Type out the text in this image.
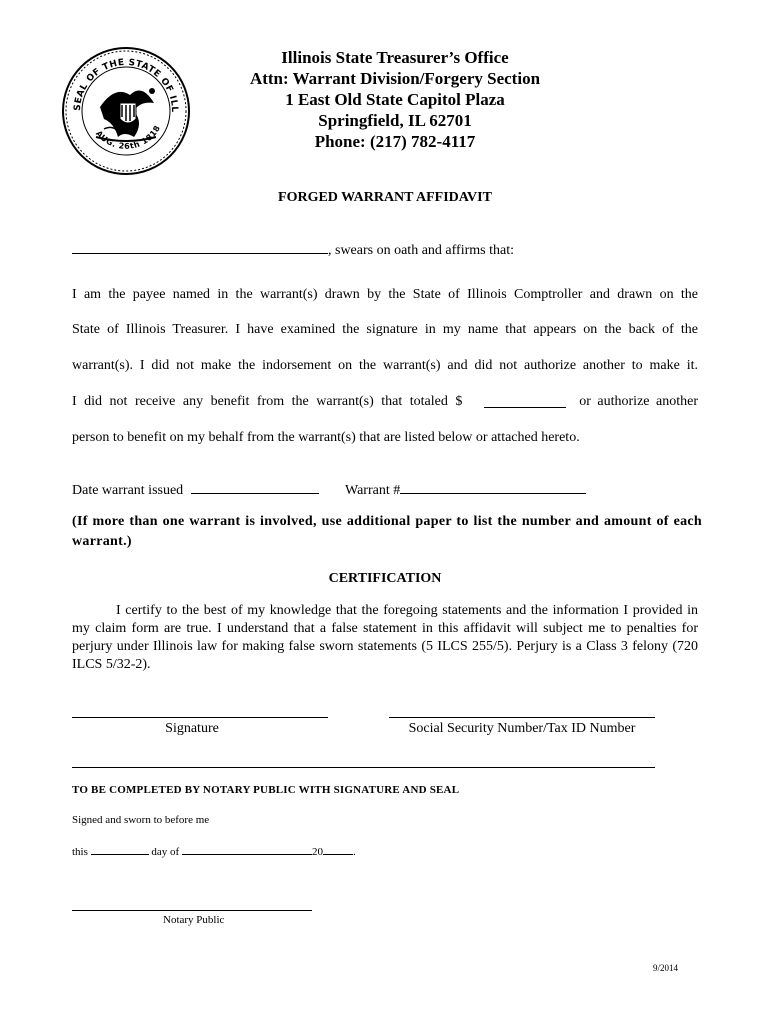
SEAL OF THE STATE OF ILL
AUG. 26th 1818
Illinois State Treasurer’s Office
Attn: Warrant Division/Forgery Section
1 East Old State Capitol Plaza
Springfield, IL 62701
Phone: (217) 782-4117
FORGED WARRANT AFFIDAVIT
, swears on oath and affirms that:
I am the payee named in the warrant(s) drawn by the State of Illinois Comptroller and drawn on the
State of Illinois Treasurer. I have examined the signature in my name that appears on the back of the
warrant(s). I did not make the indorsement on the warrant(s) and did not authorize another to make it.
I did not receive any benefit from the warrant(s) that totaled $	or authorize another
person to benefit on my behalf from the warrant(s) that are listed below or attached hereto.
Date warrant issued	Warrant #
(If more than one warrant is involved, use additional paper to list the number and amount of each warrant.)
CERTIFICATION
I certify to the best of my knowledge that the foregoing statements and the information I provided in my claim form are true. I understand that a false statement in this affidavit will subject me to penalties for perjury under Illinois law for making false sworn statements (5 ILCS 255/5). Perjury is a Class 3 felony (720 ILCS 5/32-2).
Signature	Social Security Number/Tax ID Number
TO BE COMPLETED BY NOTARY PUBLIC WITH SIGNATURE AND SEAL
Signed and sworn to before me
this	day of	20	.
Notary Public
9/2014
